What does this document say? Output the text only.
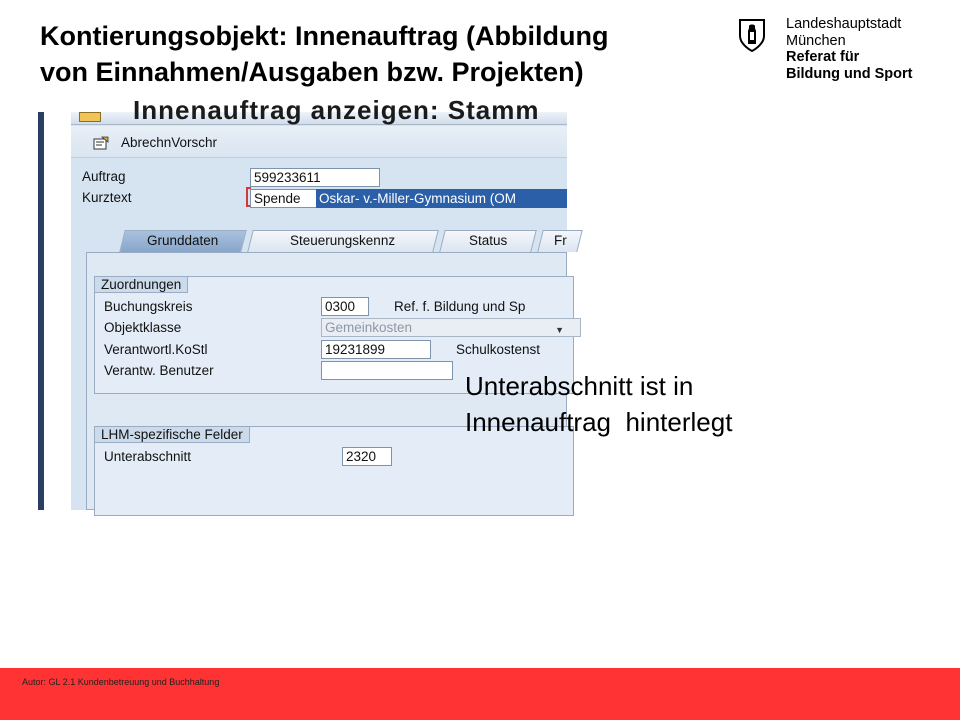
Kontierungsobjekt: Innenauftrag (Abbildung
von Einnahmen/Ausgaben bzw. Projekten)
Landeshauptstadt
München
Referat für
Bildung und Sport
Innenauftrag anzeigen: Stamm
AbrechnVorschr
Auftrag	599233611
Kurztext	Spende	Oskar- v.-Miller-Gymnasium (OM
Grunddaten	Steuerungskennz	Status	Fr
Zuordnungen
Buchungskreis	0300	Ref. f. Bildung und Sp
Objektklasse	Gemeinkosten	▼
Verantwortl.KoStl	19231899	Schulkostenst
Verantw. Benutzer
LHM-spezifische Felder
Unterabschnitt	2320
Unterabschnitt ist in
Innenauftrag  hinterlegt
Autor: GL 2.1 Kundenbetreuung und Buchhaltung
